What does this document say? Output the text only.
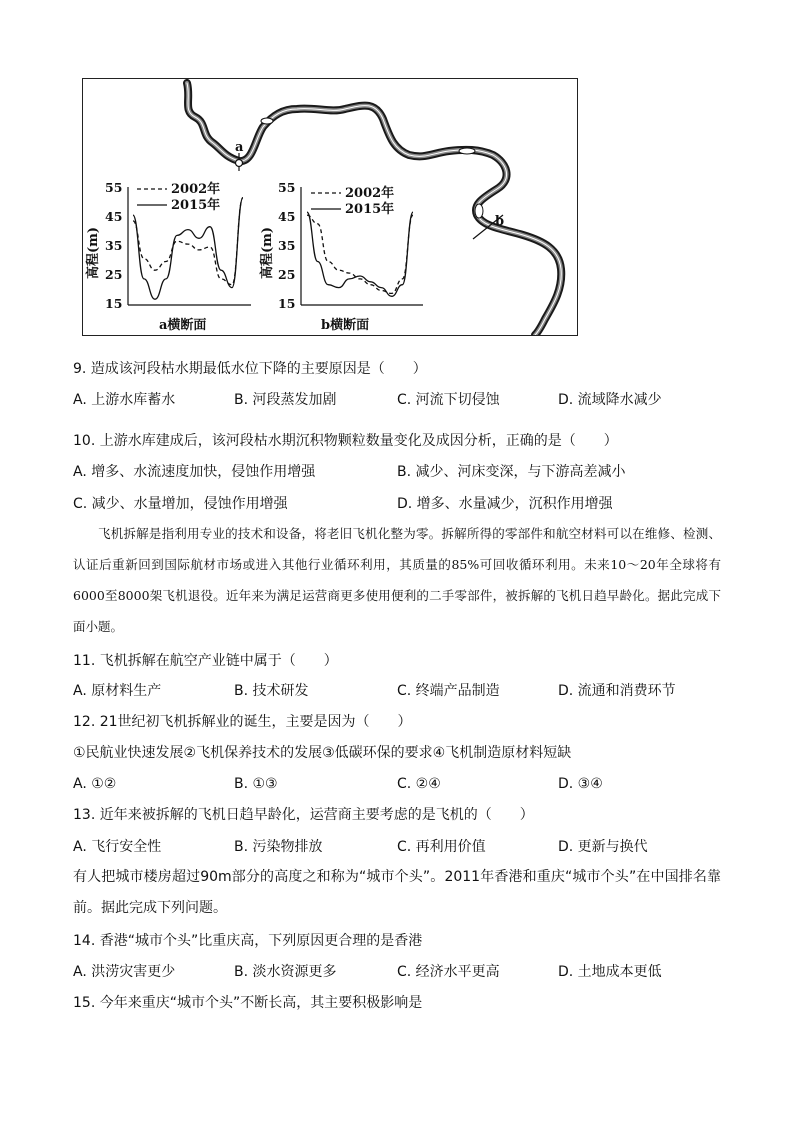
a
b
55
45
35
25
15
高程(m)
2002年
2015年
a横断面
55
45
35
25
15
高程(m)
2002年
2015年
b横断面
9. 造成该河段枯水期最低水位下降的主要原因是（　　）
A. 上游水库蓄水	B. 河段蒸发加剧	C. 河流下切侵蚀	D. 流域降水减少
10. 上游水库建成后，该河段枯水期沉积物颗粒数量变化及成因分析，正确的是（　　）
A. 增多、水流速度加快，侵蚀作用增强	B. 减少、河床变深，与下游高差减小
C. 减少、水量增加，侵蚀作用增强	D. 增多、水量减少，沉积作用增强
飞机拆解是指利用专业的技术和设备，将老旧飞机化整为零。拆解所得的零部件和航空材料可以在维修、检测、认证后重新回到国际航材市场或进入其他行业循环利用，其质量的85%可回收循环利用。未来10～20年全球将有6000至8000架飞机退役。近年来为满足运营商更多使用便利的二手零部件，被拆解的飞机日趋早龄化。据此完成下面小题。
11. 飞机拆解在航空产业链中属于（　　）
A. 原材料生产	B. 技术研发	C. 终端产品制造	D. 流通和消费环节
12. 21世纪初飞机拆解业的诞生，主要是因为（　　）
①民航业快速发展②飞机保养技术的发展③低碳环保的要求④飞机制造原材料短缺
A. ①②	B. ①③	C. ②④	D. ③④
13. 近年来被拆解的飞机日趋早龄化，运营商主要考虑的是飞机的（　　）
A. 飞行安全性	B. 污染物排放	C. 再利用价值	D. 更新与换代
有人把城市楼房超过90m部分的高度之和称为“城市个头”。2011年香港和重庆“城市个头”在中国排名靠前。据此完成下列问题。
14. 香港“城市个头”比重庆高，下列原因更合理的是香港
A. 洪涝灾害更少	B. 淡水资源更多	C. 经济水平更高	D. 土地成本更低
15. 今年来重庆“城市个头”不断长高，其主要积极影响是
